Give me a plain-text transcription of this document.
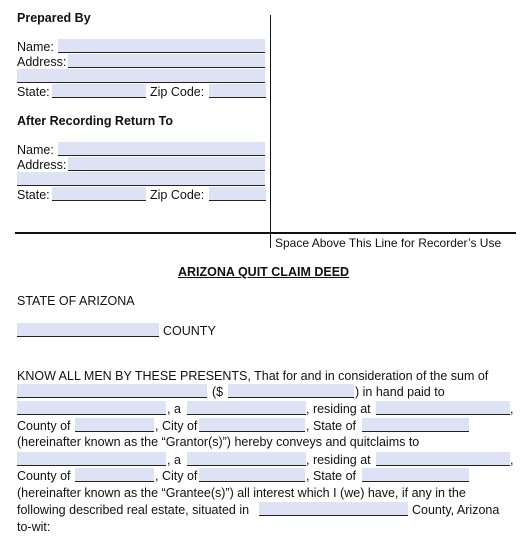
Prepared By
Name:
Address:
State:	Zip Code:
After Recording Return To
Name:
Address:
State:	Zip Code:
Space Above This Line for Recorder’s Use
ARIZONA QUIT CLAIM DEED
STATE OF ARIZONA
COUNTY
KNOW ALL MEN BY THESE PRESENTS, That for and in consideration of the sum of
($	) in hand paid to
, a	, residing at	,
County of	, City of	, State of
(hereinafter known as the “Grantor(s)”) hereby conveys and quitclaims to
, a	, residing at	,
County of	, City of	, State of
(hereinafter known as the “Grantee(s)”) all interest which I (we) have, if any in the
following described real estate, situated in	County, Arizona
to-wit:
